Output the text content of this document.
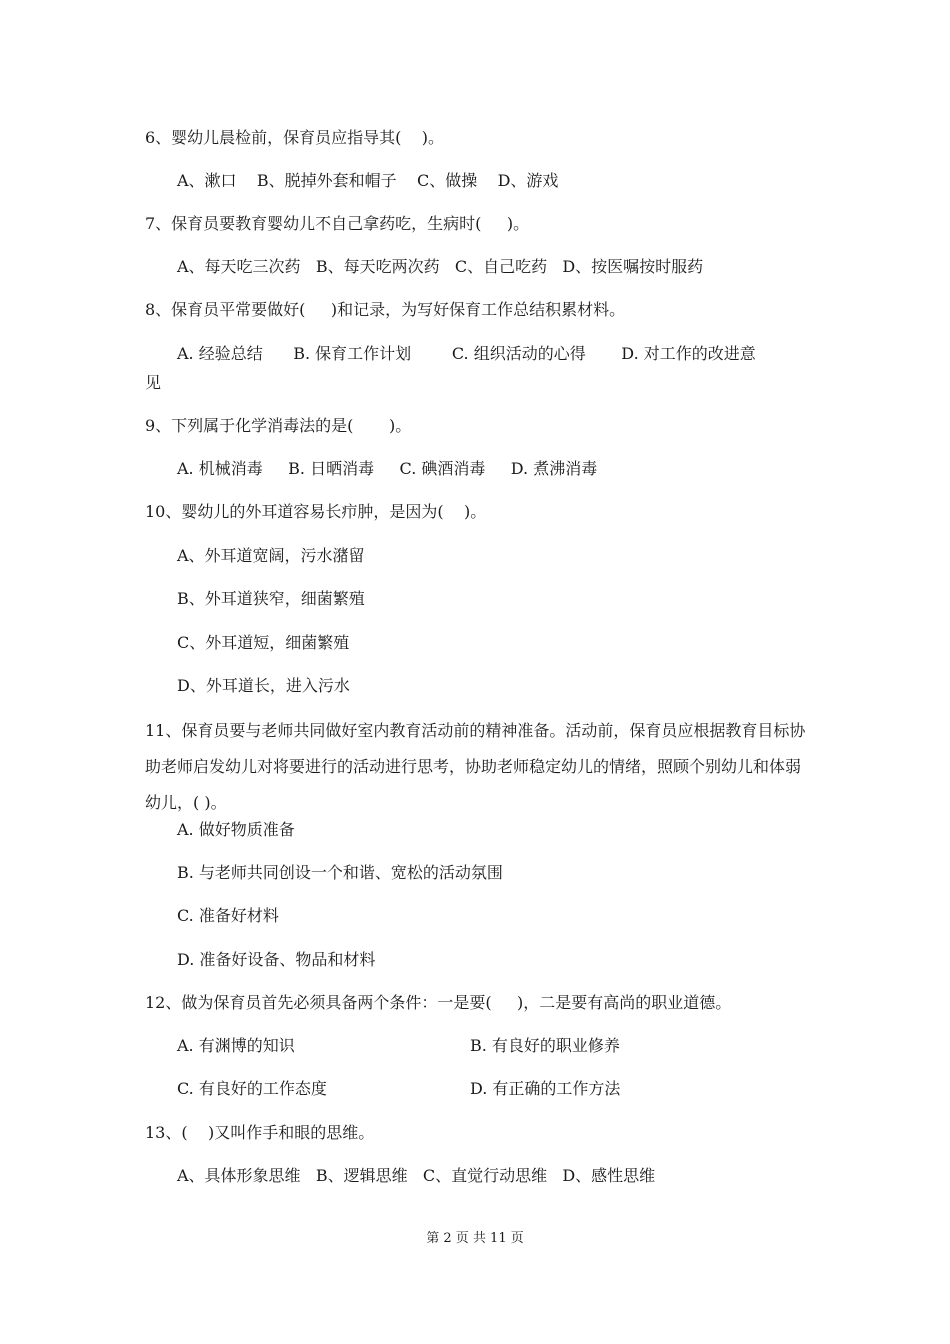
6、婴幼儿晨检前，保育员应指导其(    )。
A、漱口    B、脱掉外套和帽子    C、做操    D、游戏
7、保育员要教育婴幼儿不自己拿药吃，生病时(     )。
A、每天吃三次药   B、每天吃两次药   C、自己吃药   D、按医嘱按时服药
8、保育员平常要做好(     )和记录，为写好保育工作总结积累材料。
A. 经验总结      B. 保育工作计划        C. 组织活动的心得       D. 对工作的改进意
见
9、下列属于化学消毒法的是(       )。
A. 机械消毒     B. 日晒消毒     C. 碘酒消毒     D. 煮沸消毒
10、婴幼儿的外耳道容易长疖肿，是因为(    )。
A、外耳道宽阔，污水潴留
B、外耳道狭窄，细菌繁殖
C、外耳道短，细菌繁殖
D、外耳道长，进入污水
11、保育员要与老师共同做好室内教育活动前的精神准备。活动前，保育员应根据教育目标协助老师启发幼儿对将要进行的活动进行思考，协助老师稳定幼儿的情绪，照顾个别幼儿和体弱幼儿，( )。
A. 做好物质准备
B. 与老师共同创设一个和谐、宽松的活动氛围
C. 准备好材料
D. 准备好设备、物品和材料
12、做为保育员首先必须具备两个条件：一是要(     )，二是要有高尚的职业道德。
A. 有渊博的知识	B. 有良好的职业修养
C. 有良好的工作态度	D. 有正确的工作方法
13、(    )又叫作手和眼的思维。
A、具体形象思维   B、逻辑思维   C、直觉行动思维   D、感性思维
第 2 页 共 11 页
